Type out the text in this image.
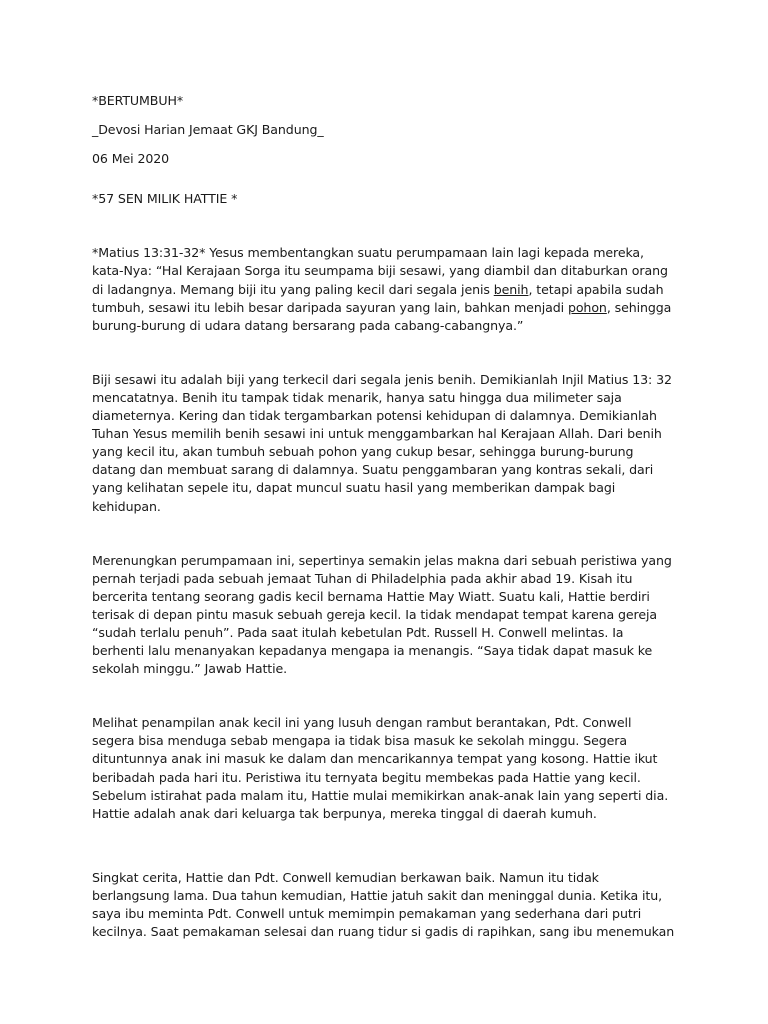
*BERTUMBUH*

_Devosi Harian Jemaat GKJ Bandung_

06 Mei 2020

*57 SEN MILIK HATTIE *

*Matius 13:31-32* Yesus membentangkan suatu perumpamaan lain lagi kepada mereka,
kata-Nya: “Hal Kerajaan Sorga itu seumpama biji sesawi, yang diambil dan ditaburkan orang
di ladangnya. Memang biji itu yang paling kecil dari segala jenis benih, tetapi apabila sudah
tumbuh, sesawi itu lebih besar daripada sayuran yang lain, bahkan menjadi pohon, sehingga
burung-burung di udara datang bersarang pada cabang-cabangnya.”

Biji sesawi itu adalah biji yang terkecil dari segala jenis benih. Demikianlah Injil Matius 13: 32
mencatatnya. Benih itu tampak tidak menarik, hanya satu hingga dua milimeter saja
diameternya. Kering dan tidak tergambarkan potensi kehidupan di dalamnya. Demikianlah
Tuhan Yesus memilih benih sesawi ini untuk menggambarkan hal Kerajaan Allah. Dari benih
yang kecil itu, akan tumbuh sebuah pohon yang cukup besar, sehingga burung-burung
datang dan membuat sarang di dalamnya. Suatu penggambaran yang kontras sekali, dari
yang kelihatan sepele itu, dapat muncul suatu hasil yang memberikan dampak bagi
kehidupan.

Merenungkan perumpamaan ini, sepertinya semakin jelas makna dari sebuah peristiwa yang
pernah terjadi pada sebuah jemaat Tuhan di Philadelphia pada akhir abad 19. Kisah itu
bercerita tentang seorang gadis kecil bernama Hattie May Wiatt. Suatu kali, Hattie berdiri
terisak di depan pintu masuk sebuah gereja kecil. Ia tidak mendapat tempat karena gereja
“sudah terlalu penuh”. Pada saat itulah kebetulan Pdt. Russell H. Conwell melintas. Ia
berhenti lalu menanyakan kepadanya mengapa ia menangis. “Saya tidak dapat masuk ke
sekolah minggu.” Jawab Hattie.

Melihat penampilan anak kecil ini yang lusuh dengan rambut berantakan, Pdt. Conwell
segera bisa menduga sebab mengapa ia tidak bisa masuk ke sekolah minggu. Segera
dituntunnya anak ini masuk ke dalam dan mencarikannya tempat yang kosong. Hattie ikut
beribadah pada hari itu. Peristiwa itu ternyata begitu membekas pada Hattie yang kecil.
Sebelum istirahat pada malam itu, Hattie mulai memikirkan anak-anak lain yang seperti dia.
Hattie adalah anak dari keluarga tak berpunya, mereka tinggal di daerah kumuh.

Singkat cerita, Hattie dan Pdt. Conwell kemudian berkawan baik. Namun itu tidak
berlangsung lama. Dua tahun kemudian, Hattie jatuh sakit dan meninggal dunia. Ketika itu,
saya ibu meminta Pdt. Conwell untuk memimpin pemakaman yang sederhana dari putri
kecilnya. Saat pemakaman selesai dan ruang tidur si gadis di rapihkan, sang ibu menemukan
